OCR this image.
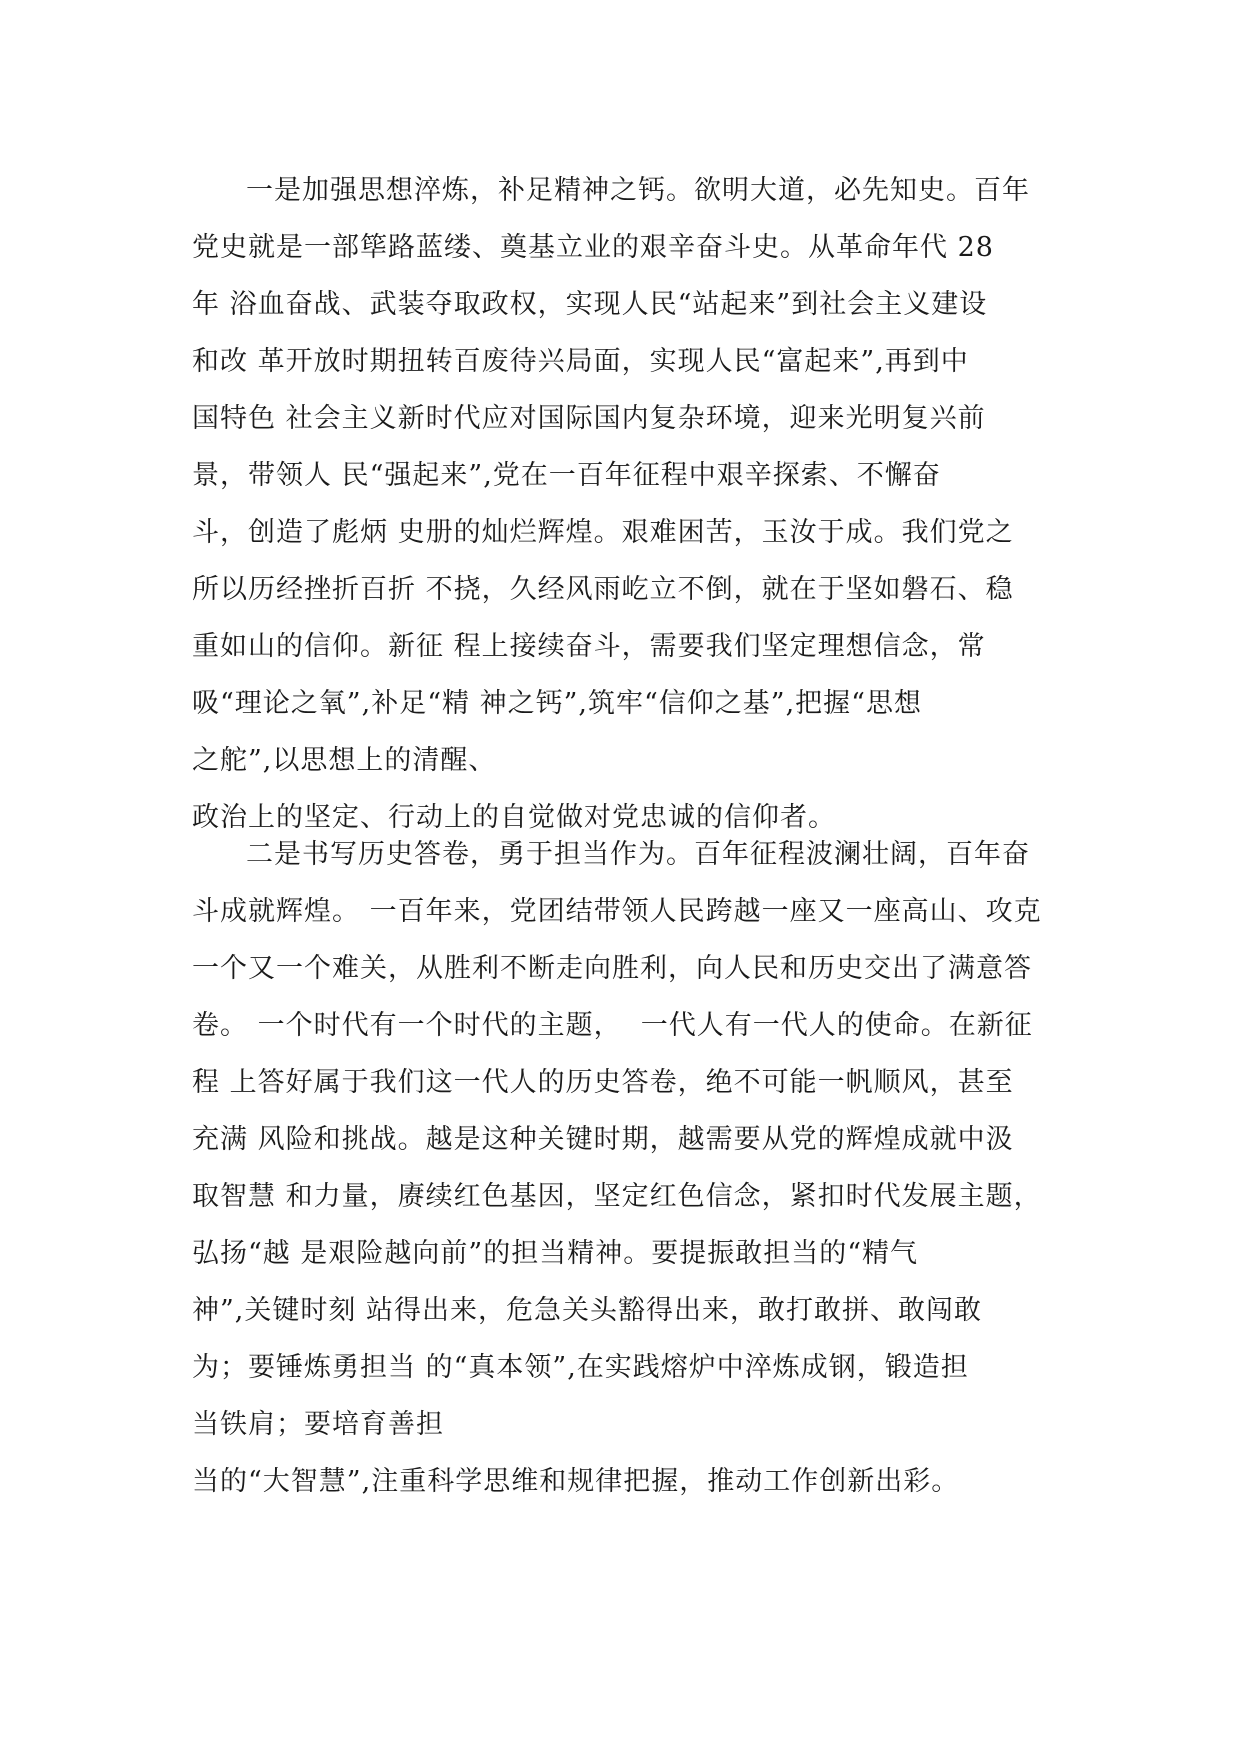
一是加强思想淬炼，补足精神之钙。欲明大道，必先知史。百年
党史就是一部筚路蓝缕、奠基立业的艰辛奋斗史。从革命年代 28
年 浴血奋战、武装夺取政权，实现人民“站起来”到社会主义建设
和改 革开放时期扭转百废待兴局面，实现人民“富起来”,再到中
国特色 社会主义新时代应对国际国内复杂环境，迎来光明复兴前
景，带领人 民“强起来”,党在一百年征程中艰辛探索、不懈奋
斗，创造了彪炳 史册的灿烂辉煌。艰难困苦，玉汝于成。我们党之
所以历经挫折百折 不挠，久经风雨屹立不倒，就在于坚如磐石、稳
重如山的信仰。新征 程上接续奋斗，需要我们坚定理想信念，常
吸“理论之氧”,补足“精 神之钙”,筑牢“信仰之基”,把握“思想
之舵”,以思想上的清醒、
政治上的坚定、行动上的自觉做对党忠诚的信仰者。
二是书写历史答卷，勇于担当作为。百年征程波澜壮阔，百年奋
斗成就辉煌。 一百年来，党团结带领人民跨越一座又一座高山、攻克
一个又一个难关，从胜利不断走向胜利，向人民和历史交出了满意答
卷。 一个时代有一个时代的主题，  一代人有一代人的使命。在新征
程 上答好属于我们这一代人的历史答卷，绝不可能一帆顺风，甚至
充满 风险和挑战。越是这种关键时期，越需要从党的辉煌成就中汲
取智慧 和力量，赓续红色基因，坚定红色信念，紧扣时代发展主题，
弘扬“越 是艰险越向前”的担当精神。要提振敢担当的“精气
神”,关键时刻 站得出来，危急关头豁得出来，敢打敢拼、敢闯敢
为；要锤炼勇担当 的“真本领”,在实践熔炉中淬炼成钢，锻造担
当铁肩；要培育善担
当的“大智慧”,注重科学思维和规律把握，推动工作创新出彩。
